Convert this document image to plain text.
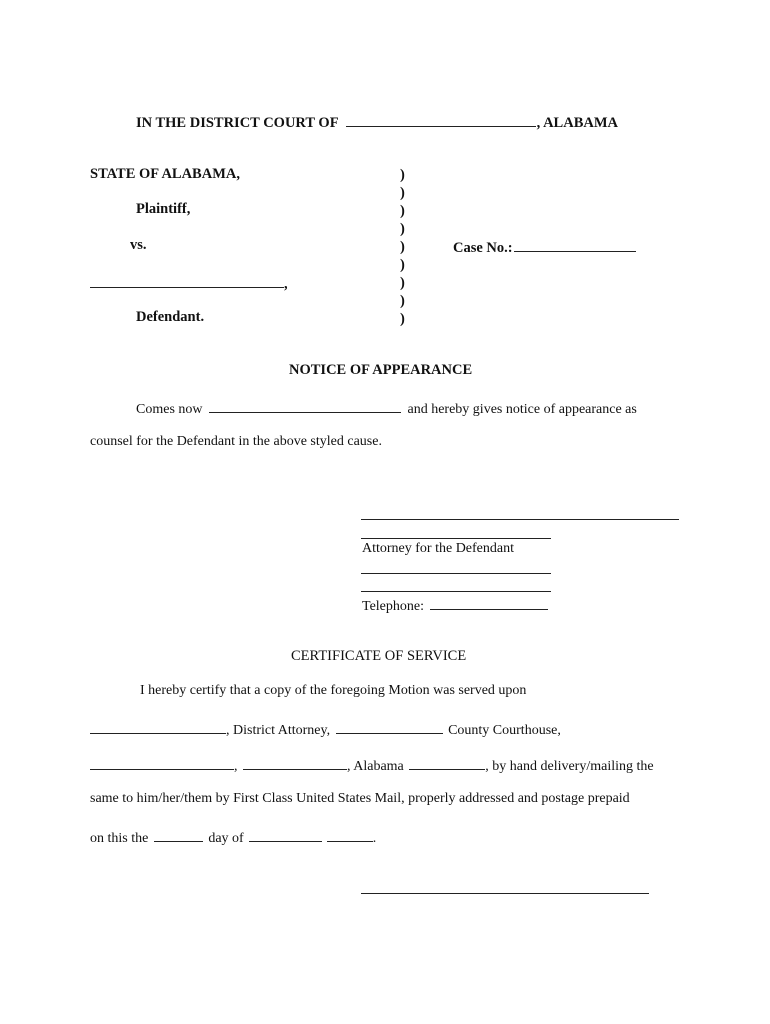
IN THE DISTRICT COURT OF	, ALABAMA
STATE OF ALABAMA,
Plaintiff,
vs.
,
Defendant.
)
)
)
)
)
)
)
)
)
Case No.:
NOTICE OF APPEARANCE
Comes now	and hereby gives notice of appearance as
counsel for the Defendant in the above styled cause.
Attorney for the Defendant
Telephone:
CERTIFICATE OF SERVICE
I hereby certify that a copy of the foregoing Motion was served upon
, District Attorney,	County Courthouse,
,	, Alabama	, by hand delivery/mailing the
same to him/her/them by First Class United States Mail, properly addressed and postage prepaid
on this the	day of	.
